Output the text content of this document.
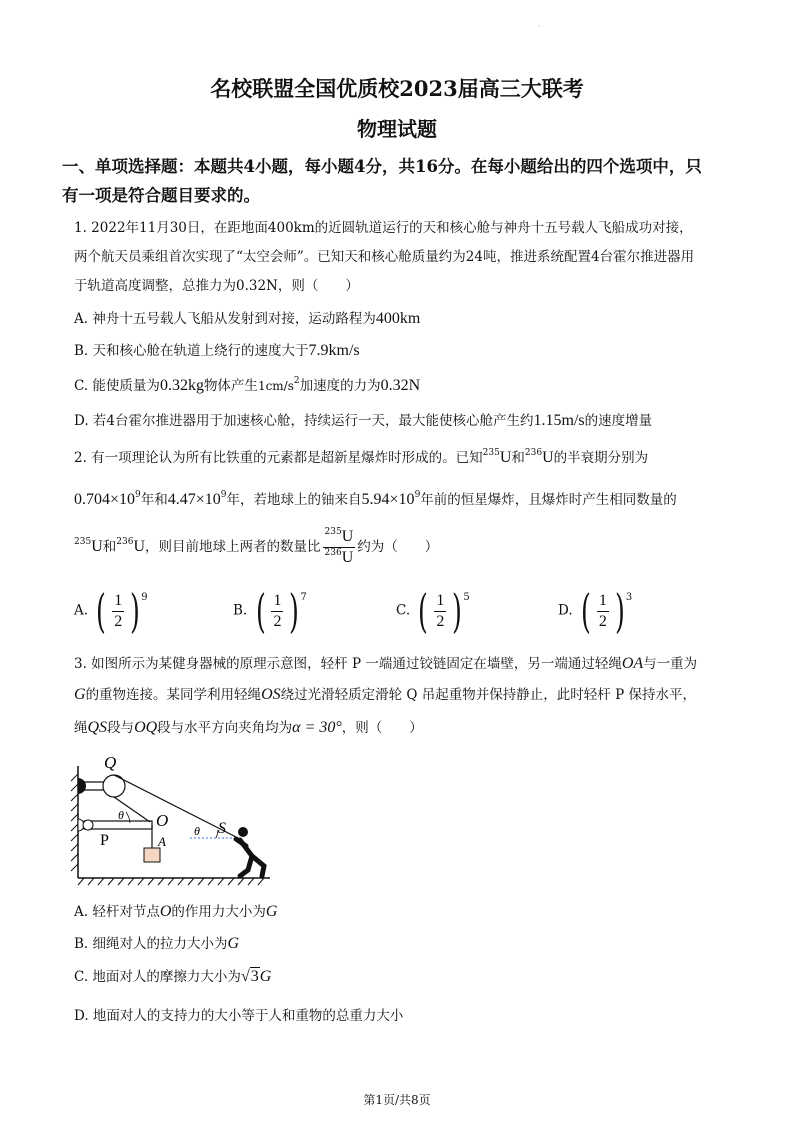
·
名校联盟全国优质校2023届高三大联考
物理试题
一、单项选择题：本题共4小题，每小题4分，共16分。在每小题给出的四个选项中，只
有一项是符合题目要求的。
1. 2022年11月30日，在距地面400km的近圆轨道运行的天和核心舱与神舟十五号载人飞船成功对接，
两个航天员乘组首次实现了“太空会师”。已知天和核心舱质量约为24吨，推进系统配置4台霍尔推进器用
于轨道高度调整，总推力为0.32N，则（　　）
A. 神舟十五号载人飞船从发射到对接，运动路程为400km
B. 天和核心舱在轨道上绕行的速度大于7.9km/s
C. 能使质量为0.32kg物体产生$1cm/s^2$加速度的力为0.32N
D. 若4台霍尔推进器用于加速核心舱，持续运行一天，最大能使核心舱产生约1.15m/s的速度增量
2. 有一项理论认为所有比铁重的元素都是超新星爆炸时形成的。已知$^{235}$U和$^{236}$U的半衰期分别为
$0.704\times 10^9$年和$4.47\times 10^9$年，若地球上的铀来自$5.94\times 10^9$年前的恒星爆炸，且爆炸时产生相同数量的
$^{235}$U和$^{236}$U，则目前地球上两者的数量比 $\frac{^{235}U}{^{236}U}$ 约为（　　）
A. ( $\frac{1}{2}$ ) 9
B. ( $\frac{1}{2}$ ) 7
C. ( $\frac{1}{2}$ ) 5
D. ( $\frac{1}{2}$ ) 3
3. 如图所示为某健身器械的原理示意图，轻杆 P 一端通过铰链固定在墙壁，另一端通过轻绳OA与一重为
G的重物连接。某同学利用轻绳OS绕过光滑轻质定滑轮 Q 吊起重物并保持静止，此时轻杆 P 保持水平，
绳QS段与OQ段与水平方向夹角均为α = 30°，则（　　）
Q
O
P	A
S
θ
θ
A. 轻杆对节点O的作用力大小为G
B. 细绳对人的拉力大小为G
C. 地面对人的摩擦力大小为√3G
D. 地面对人的支持力的大小等于人和重物的总重力大小
第1页/共8页
